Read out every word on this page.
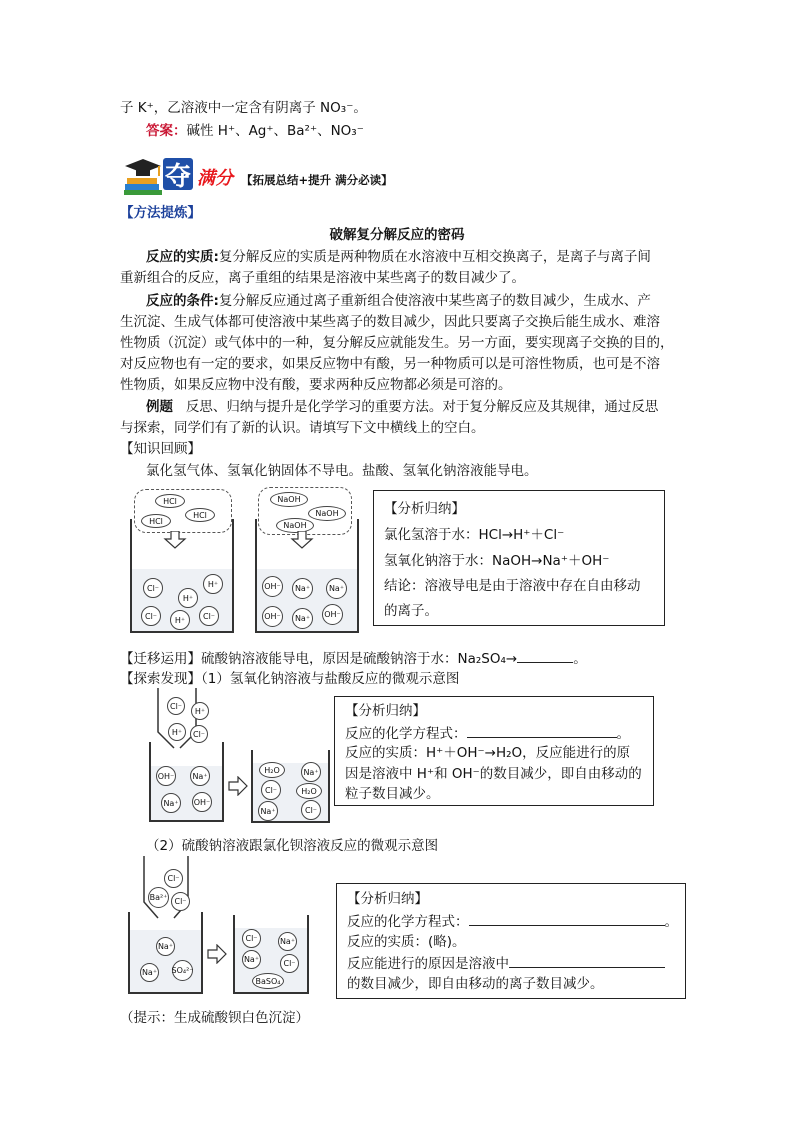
子 K⁺，乙溶液中一定含有阴离子 NO₃⁻。
答案：碱性 H⁺、Ag⁺、Ba²⁺、NO₃⁻
夺 满分 【拓展总结+提升 满分必读】
【方法提炼】
破解复分解反应的密码
反应的实质:复分解反应的实质是两种物质在水溶液中互相交换离子，是离子与离子间
重新组合的反应，离子重组的结果是溶液中某些离子的数目减少了。
反应的条件:复分解反应通过离子重新组合使溶液中某些离子的数目减少，生成水、产
生沉淀、生成气体都可使溶液中某些离子的数目减少，因此只要离子交换后能生成水、难溶
性物质（沉淀）或气体中的一种，复分解反应就能发生。另一方面，要实现离子交换的目的，
对反应物也有一定的要求，如果反应物中有酸，另一种物质可以是可溶性物质，也可是不溶
性物质，如果反应物中没有酸，要求两种反应物都必须是可溶的。
例题 反思、归纳与提升是化学学习的重要方法。对于复分解反应及其规律，通过反思
与探索，同学们有了新的认识。请填写下文中横线上的空白。
【知识回顾】
氯化氢气体、氢氧化钠固体不导电。盐酸、氢氧化钠溶液能导电。
HCl
HCl
HCl
Cl⁻	H⁺
H⁺
Cl⁻	H⁺	Cl⁻
NaOH
NaOH
NaOH
OH⁻	Na⁺	Na⁺
OH⁻	Na⁺	OH⁻
【分析归纳】
氯化氢溶于水：HCl→H⁺＋Cl⁻
氢氧化钠溶于水：NaOH→Na⁺＋OH⁻
结论：溶液导电是由于溶液中存在自由移动
的离子。
【迁移运用】硫酸钠溶液能导电，原因是硫酸钠溶于水：Na₂SO₄→	。
【探索发现】（1）氢氧化钠溶液与盐酸反应的微观示意图
Cl⁻
H⁺
H⁺	Cl⁻
OH⁻	Na⁺
Na⁺	OH⁻
H₂O	Na⁺
Cl⁻	H₂O
Na⁺	Cl⁻
【分析归纳】
反应的化学方程式：	。
反应的实质：H⁺＋OH⁻→H₂O，反应能进行的原
因是溶液中 H⁺和 OH⁻的数目减少，即自由移动的
粒子数目减少。
（2）硫酸钠溶液跟氯化钡溶液反应的微观示意图
Cl⁻
Ba²⁺ Cl⁻
Na⁺
Na⁺ SO₄²⁻
Cl⁻	Na⁺
Na⁺	Cl⁻
BaSO₄
【分析归纳】
反应的化学方程式：	。
反应的实质：(略)。
反应能进行的原因是溶液中
的数目减少，即自由移动的离子数目减少。
（提示：生成硫酸钡白色沉淀）
